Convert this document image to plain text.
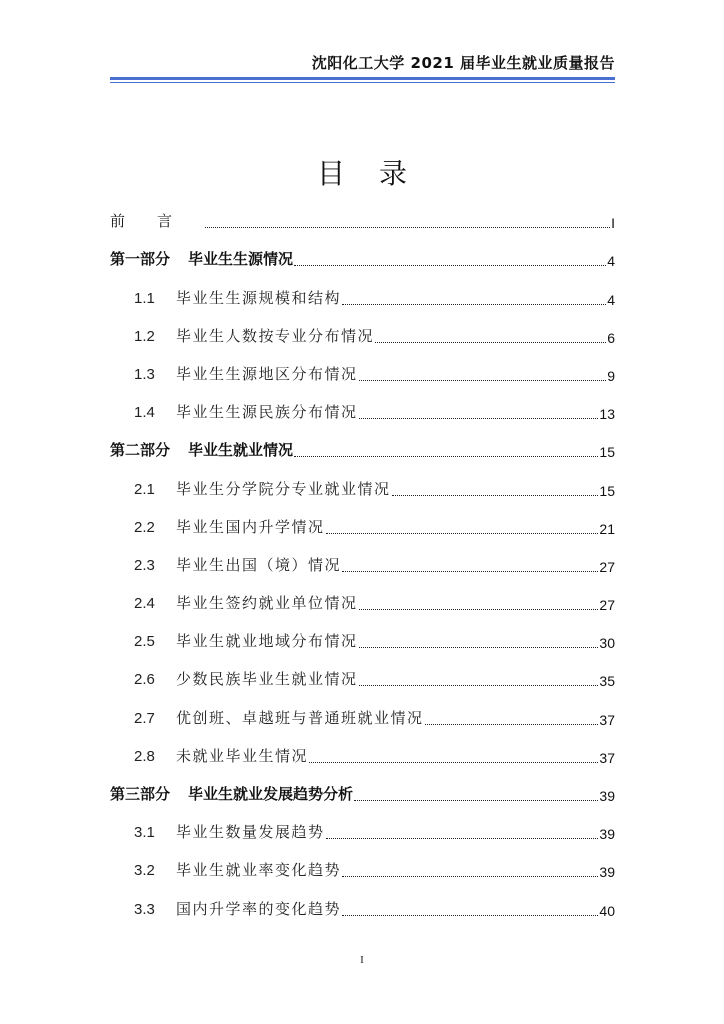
沈阳化工大学 2021 届毕业生就业质量报告
目录
前言	I
第一部分 毕业生生源情况	4
1.1 毕业生生源规模和结构	4
1.2 毕业生人数按专业分布情况	6
1.3 毕业生生源地区分布情况	9
1.4 毕业生生源民族分布情况	13
第二部分 毕业生就业情况	15
2.1 毕业生分学院分专业就业情况	15
2.2 毕业生国内升学情况	21
2.3 毕业生出国（境）情况	27
2.4 毕业生签约就业单位情况	27
2.5 毕业生就业地域分布情况	30
2.6 少数民族毕业生就业情况	35
2.7 优创班、卓越班与普通班就业情况	37
2.8 未就业毕业生情况	37
第三部分 毕业生就业发展趋势分析	39
3.1 毕业生数量发展趋势	39
3.2 毕业生就业率变化趋势	39
3.3 国内升学率的变化趋势	40
I
